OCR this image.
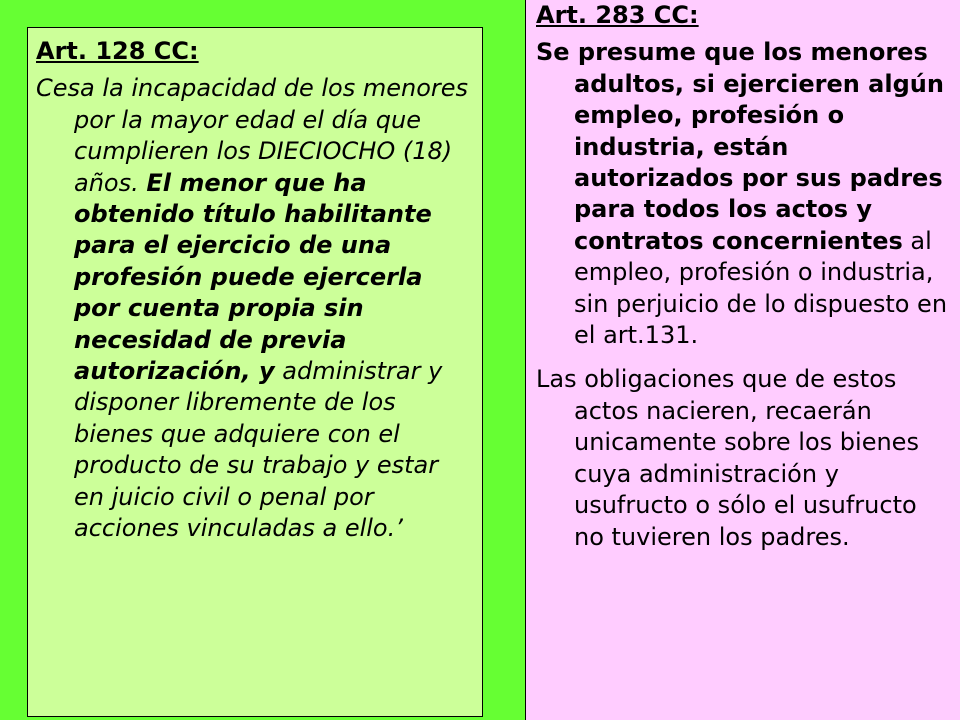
Art. 128 CC:

Cesa la incapacidad de los menores por la mayor edad el día que cumplieren los DIECIOCHO (18) años. El menor que ha obtenido título habilitante para el ejercicio de una profesión puede ejercerla por cuenta propia sin necesidad de previa autorización, y administrar y disponer libremente de los bienes que adquiere con el producto de su trabajo y estar en juicio civil o penal por acciones vinculadas a ello.’

Art. 283 CC:

Se presume que los menores adultos, si ejercieren algún empleo, profesión o industria, están autorizados por sus padres para todos los actos y contratos concernientes al empleo, profesión o industria, sin perjuicio de lo dispuesto en el art.131.

Las obligaciones que de estos actos nacieren, recaerán unicamente sobre los bienes cuya administración y usufructo o sólo el usufructo no tuvieren los padres.
